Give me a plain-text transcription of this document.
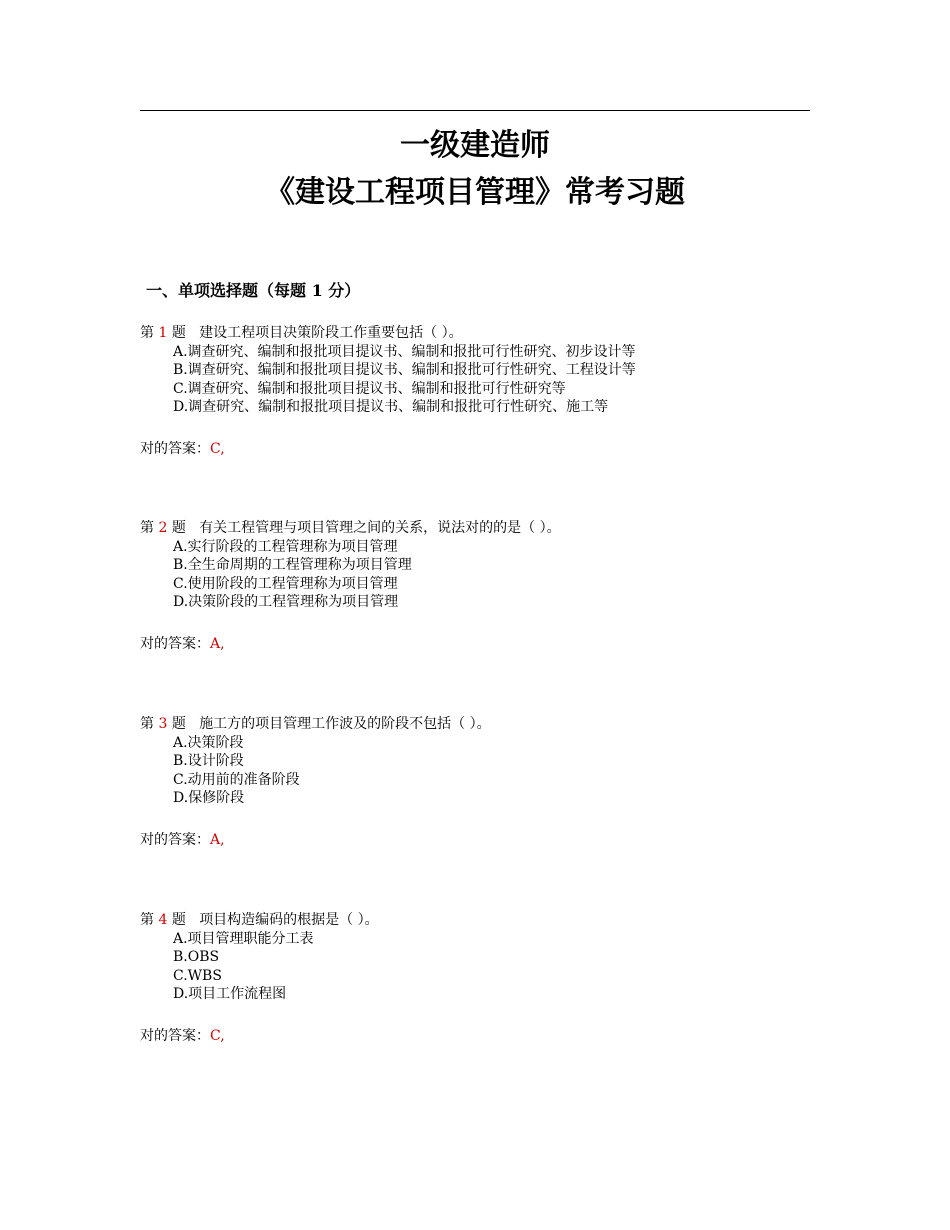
一级建造师
《建设工程项目管理》常考习题
一、单项选择题（每题 1 分）
第 1 题 建设工程项目决策阶段工作重要包括（ ）。
A.调查研究、编制和报批项目提议书、编制和报批可行性研究、初步设计等
B.调查研究、编制和报批项目提议书、编制和报批可行性研究、工程设计等
C.调查研究、编制和报批项目提议书、编制和报批可行性研究等
D.调查研究、编制和报批项目提议书、编制和报批可行性研究、施工等
对的答案：C,
第 2 题 有关工程管理与项目管理之间的关系，说法对的的是（ ）。
A.实行阶段的工程管理称为项目管理
B.全生命周期的工程管理称为项目管理
C.使用阶段的工程管理称为项目管理
D.决策阶段的工程管理称为项目管理
对的答案：A,
第 3 题 施工方的项目管理工作波及的阶段不包括（ ）。
A.决策阶段
B.设计阶段
C.动用前的准备阶段
D.保修阶段
对的答案：A,
第 4 题 项目构造编码的根据是（ ）。
A.项目管理职能分工表
B.OBS
C.WBS
D.项目工作流程图
对的答案：C,
